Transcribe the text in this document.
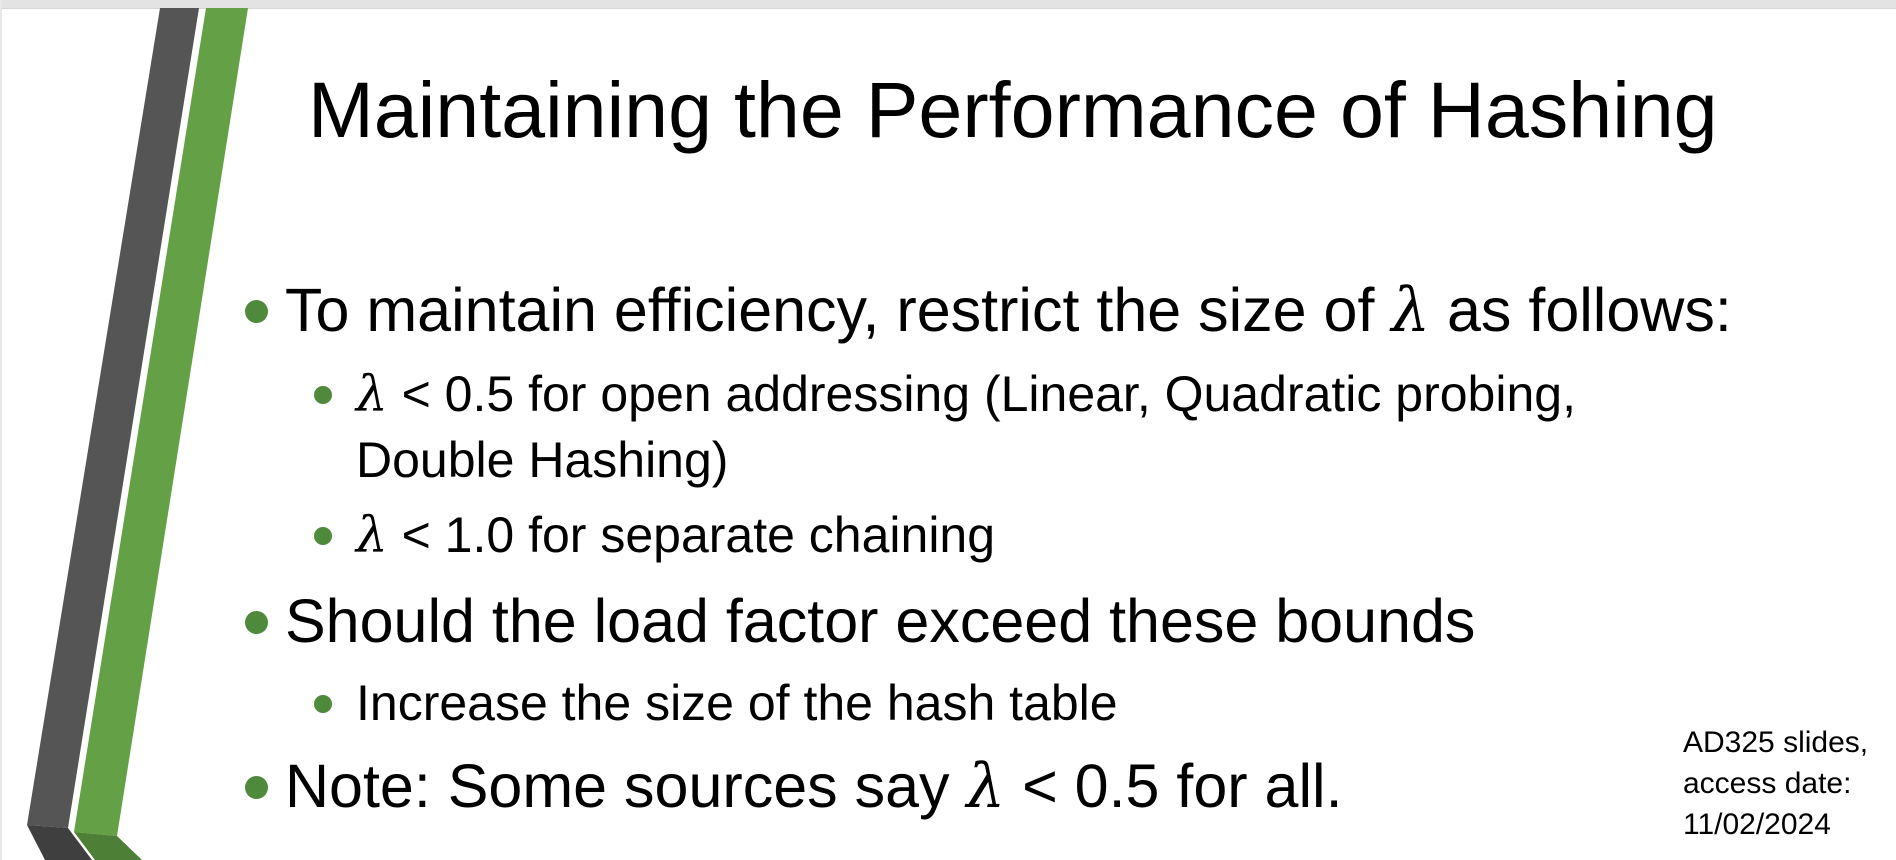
Maintaining the Performance of Hashing
To maintain efficiency, restrict the size of λ as follows:
λ < 0.5 for open addressing (Linear, Quadratic probing,
Double Hashing)
λ < 1.0 for separate chaining
Should the load factor exceed these bounds
Increase the size of the hash table
Note: Some sources say λ < 0.5 for all.
AD325 slides,
access date:
11/02/2024
